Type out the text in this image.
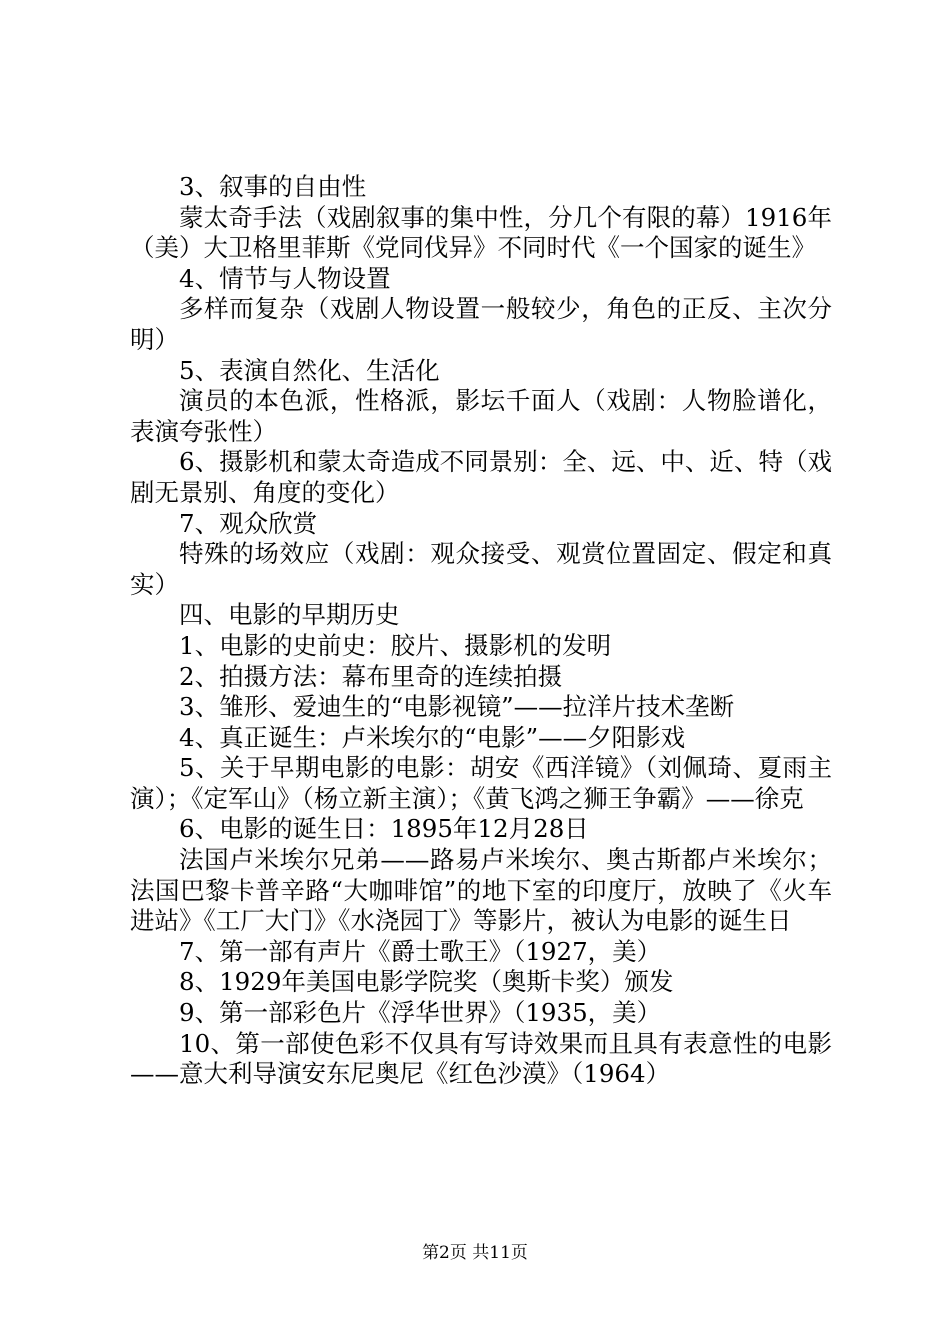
3、叙事的自由性

蒙太奇手法（戏剧叙事的集中性，分几个有限的幕）1916年（美）大卫格里菲斯《党同伐异》不同时代《一个国家的诞生》

4、情节与人物设置

多样而复杂（戏剧人物设置一般较少，角色的正反、主次分明）

5、表演自然化、生活化

演员的本色派，性格派，影坛千面人（戏剧：人物脸谱化，表演夸张性）

6、摄影机和蒙太奇造成不同景别：全、远、中、近、特（戏剧无景别、角度的变化）

7、观众欣赏

特殊的场效应（戏剧：观众接受、观赏位置固定、假定和真实）

四、电影的早期历史

1、电影的史前史：胶片、摄影机的发明

2、拍摄方法：幕布里奇的连续拍摄

3、雏形、爱迪生的“电影视镜”——拉洋片技术垄断

4、真正诞生：卢米埃尔的“电影”——夕阳影戏

5、关于早期电影的电影：胡安《西洋镜》（刘佩琦、夏雨主演）；《定军山》（杨立新主演）；《黄飞鸿之狮王争霸》——徐克

6、电影的诞生日：1895年12月28日

法国卢米埃尔兄弟——路易卢米埃尔、奥古斯都卢米埃尔；法国巴黎卡普辛路“大咖啡馆”的地下室的印度厅，放映了《火车进站》《工厂大门》《水浇园丁》等影片，被认为电影的诞生日

7、第一部有声片《爵士歌王》（1927，美）

8、1929年美国电影学院奖（奥斯卡奖）颁发

9、第一部彩色片《浮华世界》（1935，美）

10、第一部使色彩不仅具有写诗效果而且具有表意性的电影——意大利导演安东尼奥尼《红色沙漠》（1964）

第2页 共11页
